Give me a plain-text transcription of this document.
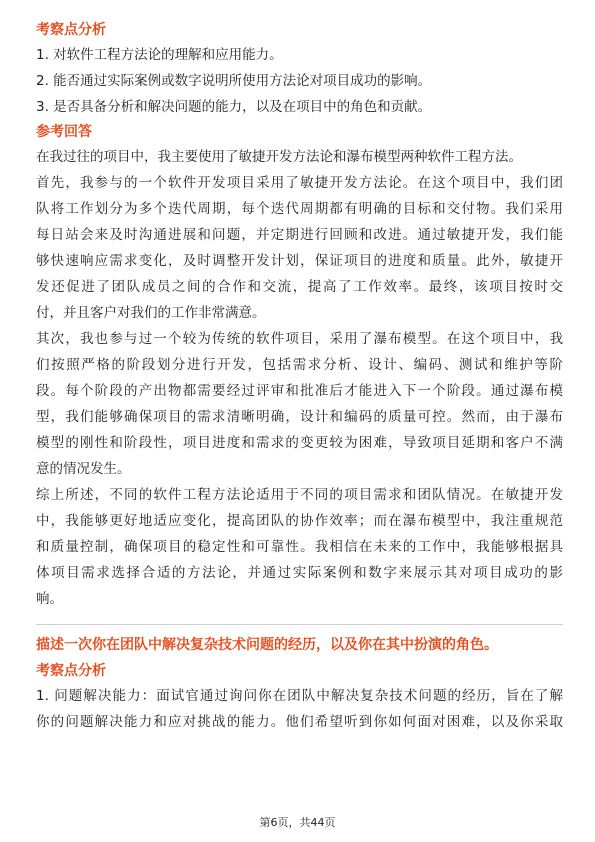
考察点分析

1. 对软件工程方法论的理解和应用能力。

2. 能否通过实际案例或数字说明所使用方法论对项目成功的影响。

3. 是否具备分析和解决问题的能力，以及在项目中的角色和贡献。

参考回答

在我过往的项目中，我主要使用了敏捷开发方法论和瀑布模型两种软件工程方法。

首先，我参与的一个软件开发项目采用了敏捷开发方法论。在这个项目中，我们团
队将工作划分为多个迭代周期，每个迭代周期都有明确的目标和交付物。我们采用
每日站会来及时沟通进展和问题，并定期进行回顾和改进。通过敏捷开发，我们能
够快速响应需求变化，及时调整开发计划，保证项目的进度和质量。此外，敏捷开
发还促进了团队成员之间的合作和交流，提高了工作效率。最终，该项目按时交
付，并且客户对我们的工作非常满意。

其次，我也参与过一个较为传统的软件项目，采用了瀑布模型。在这个项目中，我
们按照严格的阶段划分进行开发，包括需求分析、设计、编码、测试和维护等阶
段。每个阶段的产出物都需要经过评审和批准后才能进入下一个阶段。通过瀑布模
型，我们能够确保项目的需求清晰明确，设计和编码的质量可控。然而，由于瀑布
模型的刚性和阶段性，项目进度和需求的变更较为困难，导致项目延期和客户不满
意的情况发生。

综上所述，不同的软件工程方法论适用于不同的项目需求和团队情况。在敏捷开发
中，我能够更好地适应变化，提高团队的协作效率；而在瀑布模型中，我注重规范
和质量控制，确保项目的稳定性和可靠性。我相信在未来的工作中，我能够根据具
体项目需求选择合适的方法论，并通过实际案例和数字来展示其对项目成功的影
响。

描述一次你在团队中解决复杂技术问题的经历，以及你在其中扮演的角色。

考察点分析

1. 问题解决能力：面试官通过询问你在团队中解决复杂技术问题的经历，旨在了解
你的问题解决能力和应对挑战的能力。他们希望听到你如何面对困难，以及你采取

第6页，共44页
